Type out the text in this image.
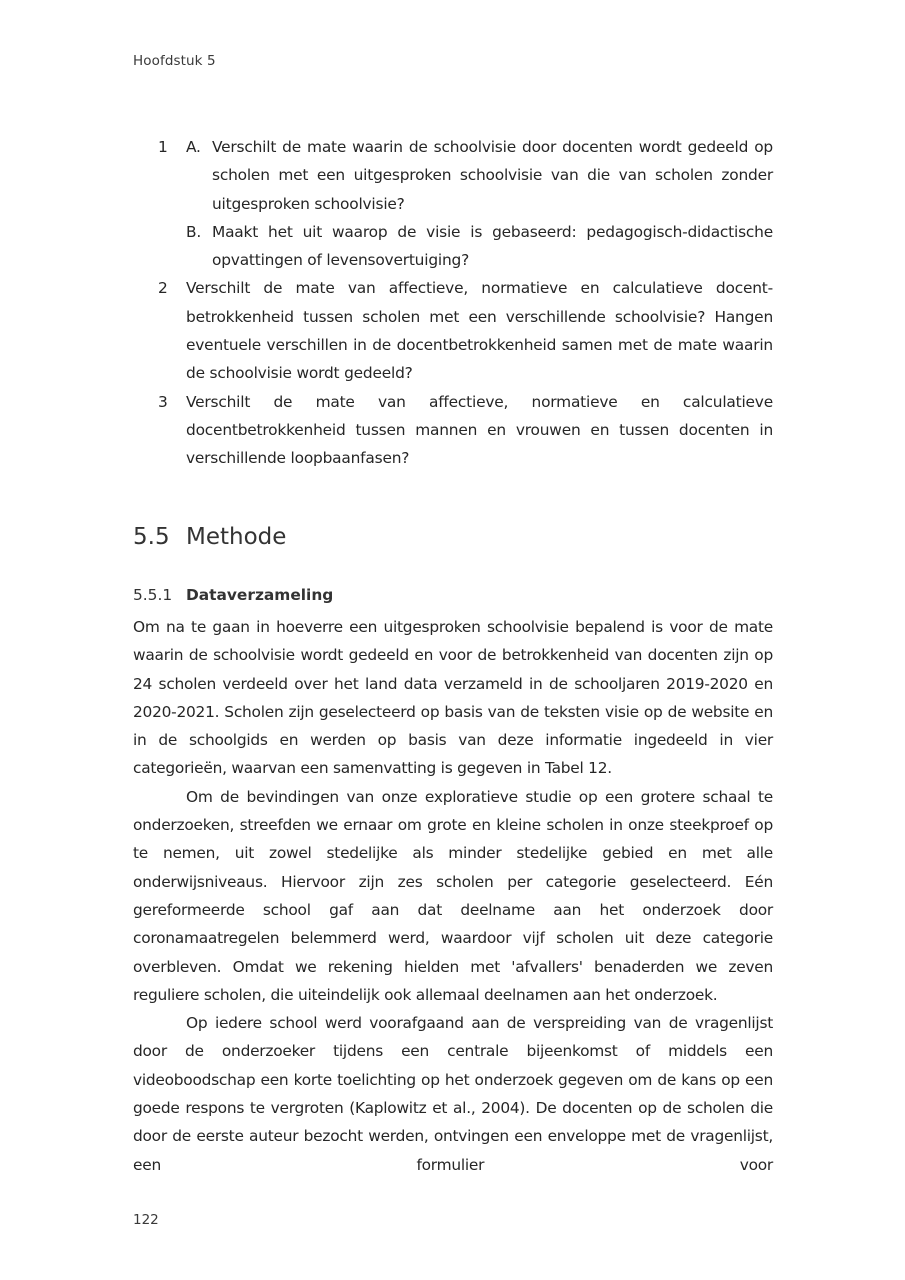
Hoofdstuk 5
1	A. Verschilt de mate waarin de schoolvisie door docenten wordt gedeeld op scholen met een uitgesproken schoolvisie van die van scholen zonder uitgesproken schoolvisie?
B. Maakt het uit waarop de visie is gebaseerd: pedagogisch-didactische opvattingen of levensovertuiging?
2	Verschilt de mate van affectieve, normatieve en calculatieve docent-betrokkenheid tussen scholen met een verschillende schoolvisie? Hangen eventuele verschillen in de docentbetrokkenheid samen met de mate waarin de schoolvisie wordt gedeeld?
3	Verschilt de mate van affectieve, normatieve en calculatieve docentbetrokkenheid tussen mannen en vrouwen en tussen docenten in verschillende loopbaanfasen?
5.5 Methode
5.5.1 Dataverzameling

Om na te gaan in hoeverre een uitgesproken schoolvisie bepalend is voor de mate waarin de schoolvisie wordt gedeeld en voor de betrokkenheid van docenten zijn op 24 scholen verdeeld over het land data verzameld in de schooljaren 2019-2020 en 2020-2021. Scholen zijn geselecteerd op basis van de teksten visie op de website en in de schoolgids en werden op basis van deze informatie ingedeeld in vier categorieën, waarvan een samenvatting is gegeven in Tabel 12.

Om de bevindingen van onze exploratieve studie op een grotere schaal te onderzoeken, streefden we ernaar om grote en kleine scholen in onze steekproef op te nemen, uit zowel stedelijke als minder stedelijke gebied en met alle onderwijsniveaus. Hiervoor zijn zes scholen per categorie geselecteerd. Eén gereformeerde school gaf aan dat deelname aan het onderzoek door coronamaatregelen belemmerd werd, waardoor vijf scholen uit deze categorie overbleven. Omdat we rekening hielden met 'afvallers' benaderden we zeven reguliere scholen, die uiteindelijk ook allemaal deelnamen aan het onderzoek.

Op iedere school werd voorafgaand aan de verspreiding van de vragenlijst door de onderzoeker tijdens een centrale bijeenkomst of middels een videoboodschap een korte toelichting op het onderzoek gegeven om de kans op een goede respons te vergroten (Kaplowitz et al., 2004). De docenten op de scholen die door de eerste auteur bezocht werden, ontvingen een enveloppe met de vragenlijst, een formulier voor

122
